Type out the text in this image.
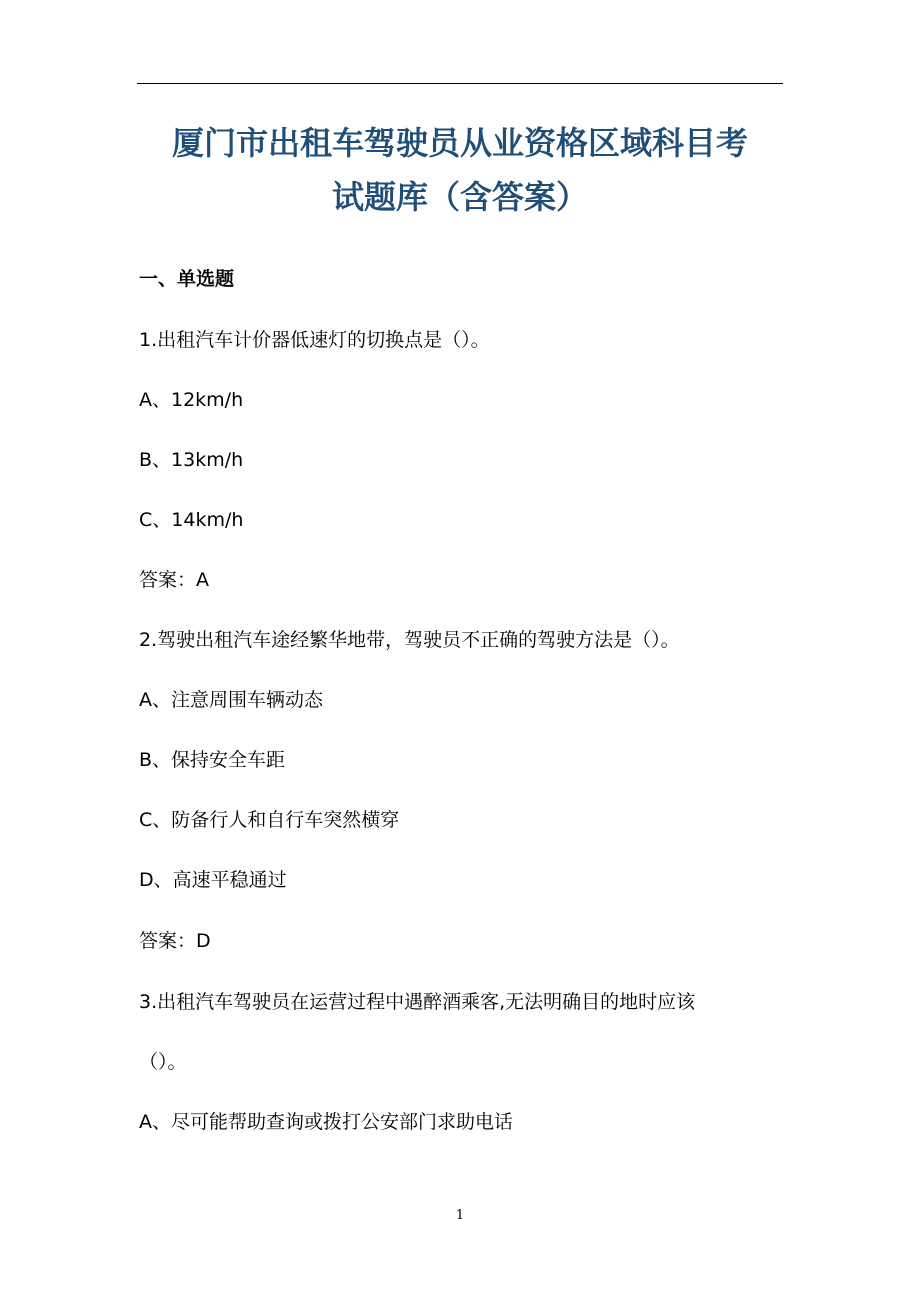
厦门市出租车驾驶员从业资格区域科目考
试题库（含答案）

一、单选题

1.出租汽车计价器低速灯的切换点是（）。

A、12km/h

B、13km/h

C、14km/h

答案：A

2.驾驶出租汽车途经繁华地带，驾驶员不正确的驾驶方法是（）。

A、注意周围车辆动态

B、保持安全车距

C、防备行人和自行车突然横穿

D、高速平稳通过

答案：D

3.出租汽车驾驶员在运营过程中遇醉酒乘客,无法明确目的地时应该

（）。

A、尽可能帮助查询或拨打公安部门求助电话

1
